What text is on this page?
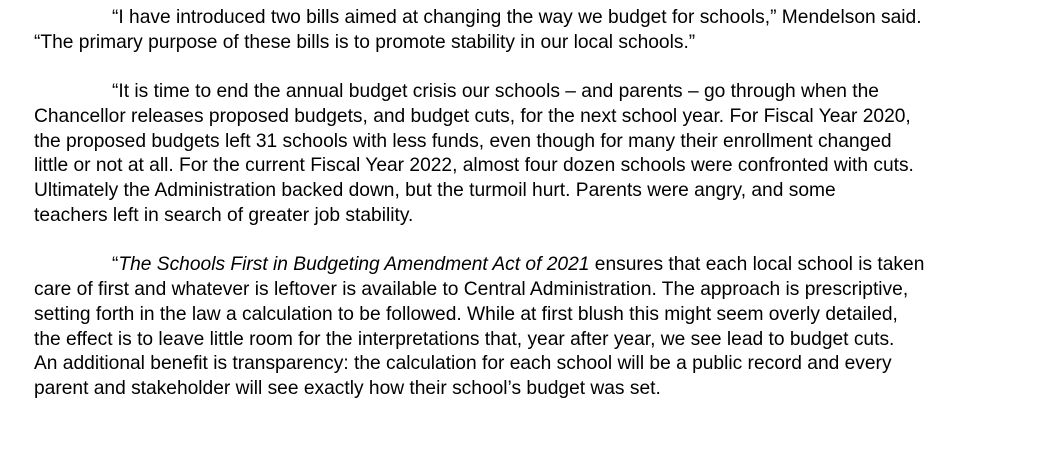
“I have introduced two bills aimed at changing the way we budget for schools,” Mendelson said.
“The primary purpose of these bills is to promote stability in our local schools.”

“It is time to end the annual budget crisis our schools – and parents – go through when the
Chancellor releases proposed budgets, and budget cuts, for the next school year. For Fiscal Year 2020,
the proposed budgets left 31 schools with less funds, even though for many their enrollment changed
little or not at all. For the current Fiscal Year 2022, almost four dozen schools were confronted with cuts.
Ultimately the Administration backed down, but the turmoil hurt. Parents were angry, and some
teachers left in search of greater job stability.

“The Schools First in Budgeting Amendment Act of 2021 ensures that each local school is taken
care of first and whatever is leftover is available to Central Administration. The approach is prescriptive,
setting forth in the law a calculation to be followed. While at first blush this might seem overly detailed,
the effect is to leave little room for the interpretations that, year after year, we see lead to budget cuts.
An additional benefit is transparency: the calculation for each school will be a public record and every
parent and stakeholder will see exactly how their school’s budget was set.
